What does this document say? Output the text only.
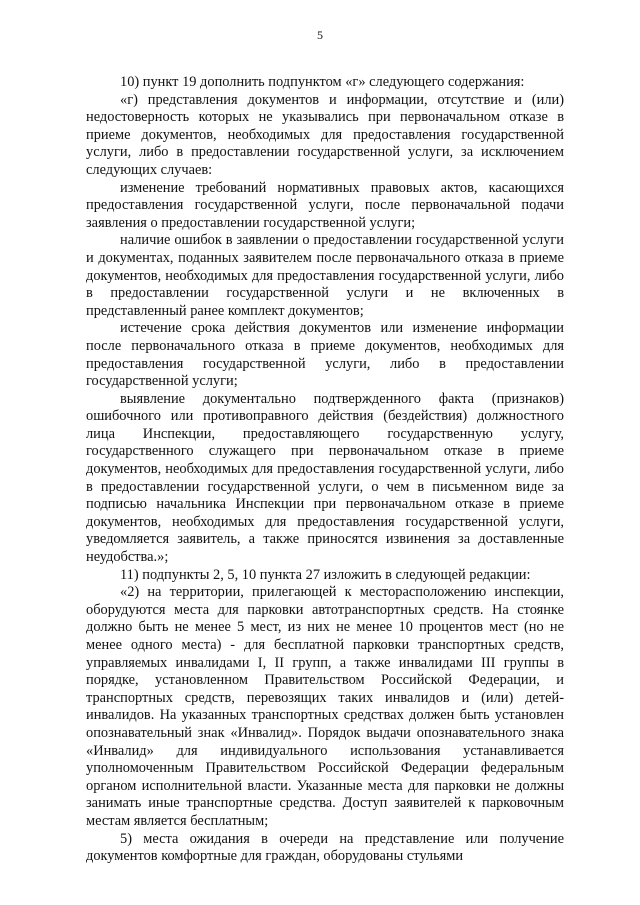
5

10) пункт 19 дополнить подпунктом «г» следующего содержания:

«г) представления документов и информации, отсутствие и (или) недостоверность которых не указывались при первоначальном отказе в приеме документов, необходимых для предоставления государственной услуги, либо в предоставлении государственной услуги, за исключением следующих случаев:

изменение требований нормативных правовых актов, касающихся предоставления государственной услуги, после первоначальной подачи заявления о предоставлении государственной услуги;

наличие ошибок в заявлении о предоставлении государственной услуги и документах, поданных заявителем после первоначального отказа в приеме документов, необходимых для предоставления государственной услуги, либо в предоставлении государственной услуги и не включенных в представленный ранее комплект документов;

истечение срока действия документов или изменение информации после первоначального отказа в приеме документов, необходимых для предоставления государственной услуги, либо в предоставлении государственной услуги;

выявление документально подтвержденного факта (признаков) ошибочного или противоправного действия (бездействия) должностного лица Инспекции, предоставляющего государственную услугу, государственного служащего при первоначальном отказе в приеме документов, необходимых для предоставления государственной услуги, либо в предоставлении государственной услуги, о чем в письменном виде за подписью начальника Инспекции при первоначальном отказе в приеме документов, необходимых для предоставления государственной услуги, уведомляется заявитель, а также приносятся извинения за доставленные неудобства.»;

11) подпункты 2, 5, 10 пункта 27 изложить в следующей редакции:

«2) на территории, прилегающей к месторасположению инспекции, оборудуются места для парковки автотранспортных средств. На стоянке должно быть не менее 5 мест, из них не менее 10 процентов мест (но не менее одного места) - для бесплатной парковки транспортных средств, управляемых инвалидами I, II групп, а также инвалидами III группы в порядке, установленном Правительством Российской Федерации, и транспортных средств, перевозящих таких инвалидов и (или) детей-инвалидов. На указанных транспортных средствах должен быть установлен опознавательный знак «Инвалид». Порядок выдачи опознавательного знака «Инвалид» для индивидуального использования устанавливается уполномоченным Правительством Российской Федерации федеральным органом исполнительной власти. Указанные места для парковки не должны занимать иные транспортные средства. Доступ заявителей к парковочным местам является бесплатным;

5) места ожидания в очереди на представление или получение документов комфортные для граждан, оборудованы стульями
